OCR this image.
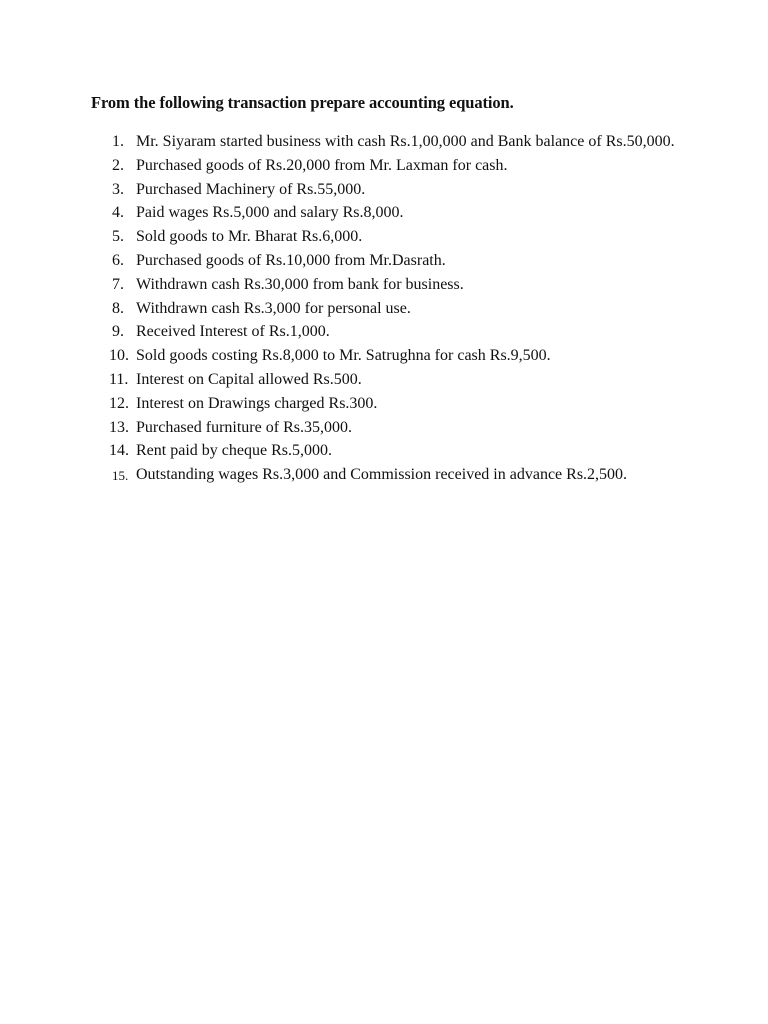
From the following transaction prepare accounting equation.
1. Mr. Siyaram started business with cash Rs.1,00,000 and Bank balance of Rs.50,000.
2. Purchased goods of Rs.20,000 from Mr. Laxman for cash.
3. Purchased Machinery of Rs.55,000.
4. Paid wages Rs.5,000 and salary Rs.8,000.
5. Sold goods to Mr. Bharat Rs.6,000.
6. Purchased goods of Rs.10,000 from Mr.Dasrath.
7. Withdrawn cash Rs.30,000 from bank for business.
8. Withdrawn cash Rs.3,000 for personal use.
9. Received Interest of Rs.1,000.
10. Sold goods costing Rs.8,000 to Mr. Satrughna for cash Rs.9,500.
11. Interest on Capital allowed Rs.500.
12. Interest on Drawings charged Rs.300.
13. Purchased furniture of Rs.35,000.
14. Rent paid by cheque Rs.5,000.
15. Outstanding wages Rs.3,000 and Commission received in advance Rs.2,500.
